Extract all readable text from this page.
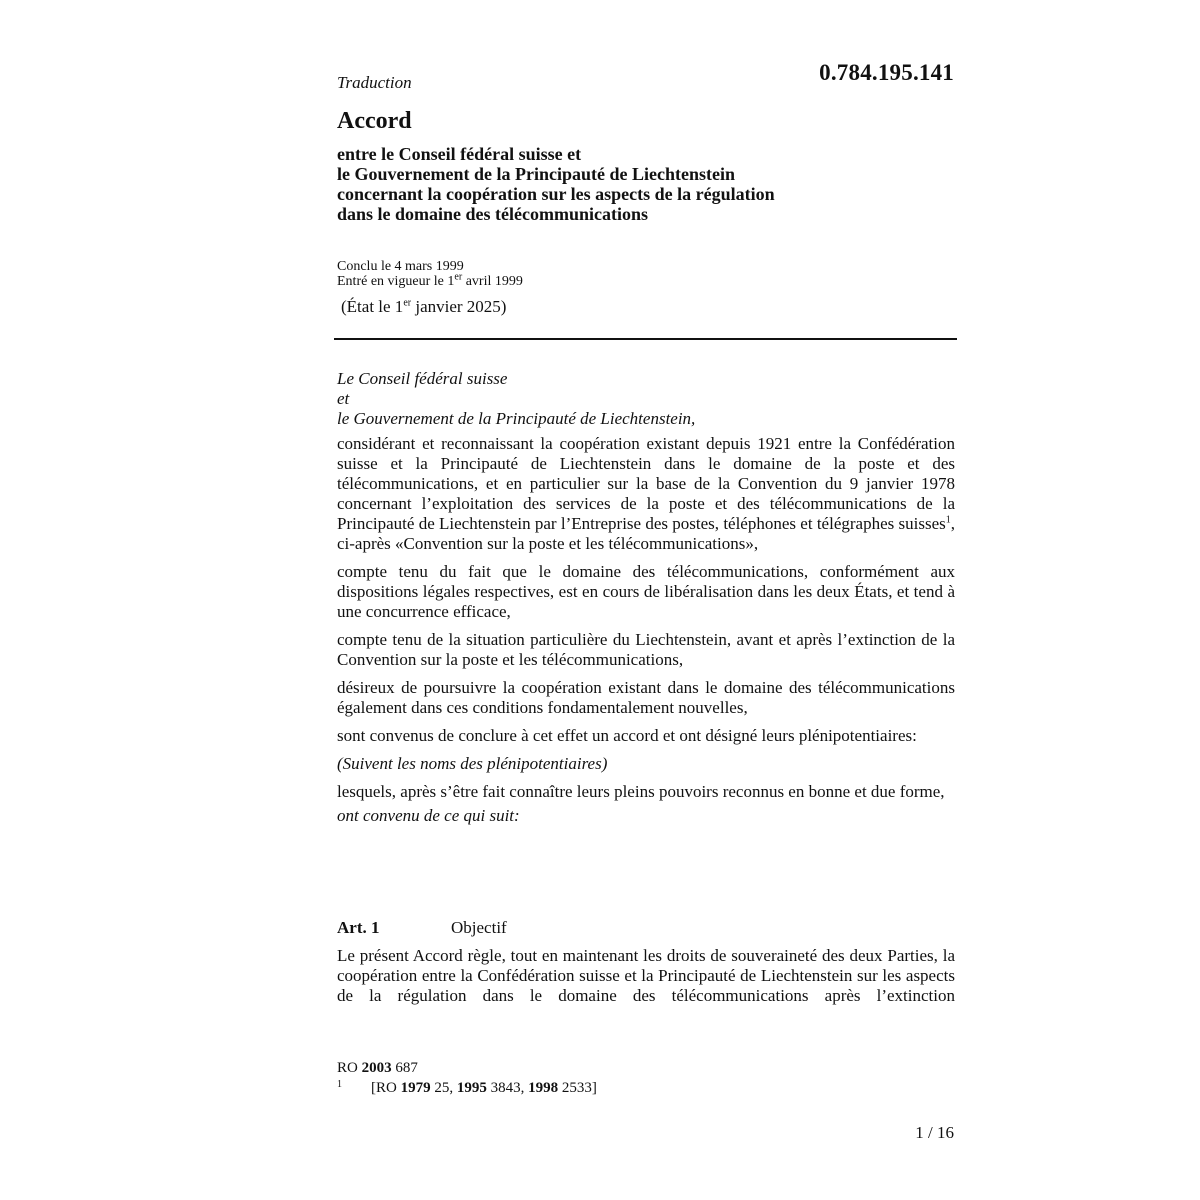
Traduction	0.784.195.141
Accord
entre le Conseil fédéral suisse et
le Gouvernement de la Principauté de Liechtenstein
concernant la coopération sur les aspects de la régulation
dans le domaine des télécommunications
Conclu le 4 mars 1999
Entré en vigueur le 1er avril 1999
(État le 1er janvier 2025)

Le Conseil fédéral suisse
et
le Gouvernement de la Principauté de Liechtenstein,

considérant et reconnaissant la coopération existant depuis 1921 entre la Confédération suisse et la Principauté de Liechtenstein dans le domaine de la poste et des télécommunications, et en particulier sur la base de la Convention du 9 janvier 1978 concernant l’exploitation des services de la poste et des télécommunications de la Principauté de Liechtenstein par l’Entreprise des postes, téléphones et télégraphes suisses$^1$, ci-après «Convention sur la poste et les télécommunications»,

compte tenu du fait que le domaine des télécommunications, conformément aux dispositions légales respectives, est en cours de libéralisation dans les deux États, et tend à une concurrence efficace,

compte tenu de la situation particulière du Liechtenstein, avant et après l’extinction de la Convention sur la poste et les télécommunications,

désireux de poursuivre la coopération existant dans le domaine des télécommunications également dans ces conditions fondamentalement nouvelles,

sont convenus de conclure à cet effet un accord et ont désigné leurs plénipotentiaires:

(Suivent les noms des plénipotentiaires)

lesquels, après s’être fait connaître leurs pleins pouvoirs reconnus en bonne et due forme,

ont convenu de ce qui suit:

Art. 1	Objectif

Le présent Accord règle, tout en maintenant les droits de souveraineté des deux Parties, la coopération entre la Confédération suisse et la Principauté de Liechtenstein sur les aspects de la régulation dans le domaine des télécommunications après l’extinction

RO 2003 687
1 [RO 1979 25, 1995 3843, 1998 2533]
1 / 16
